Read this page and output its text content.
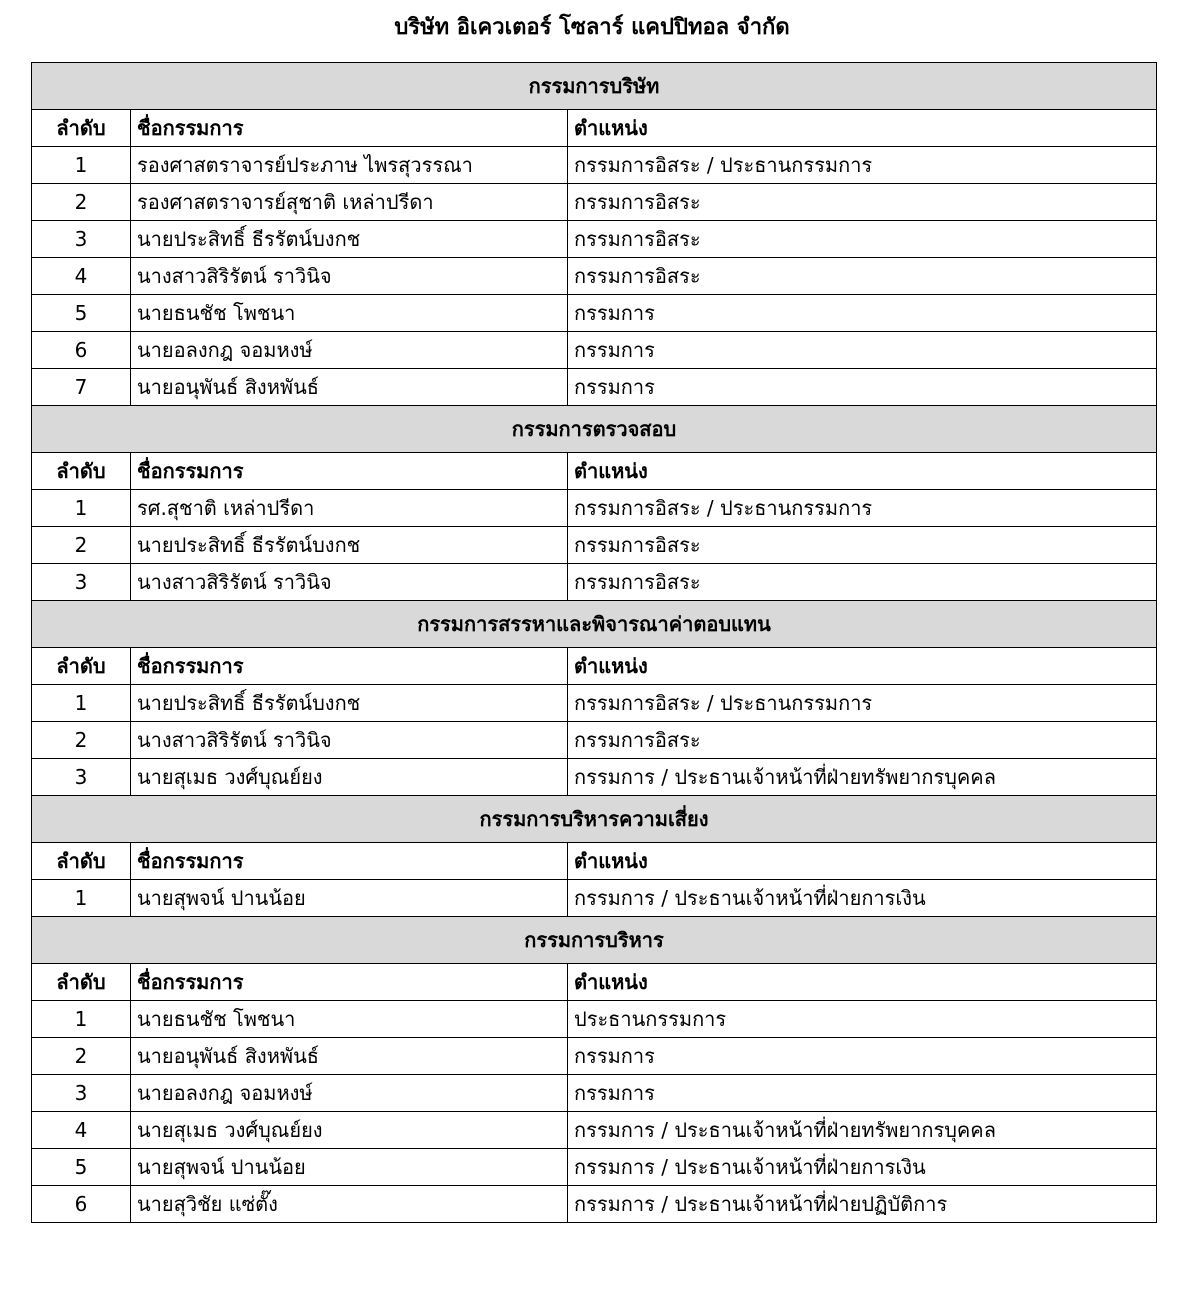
บริษัท อิเควเตอร์ โซลาร์ แคปปิทอล จำกัด
กรรมการบริษัท		
ลำดับ	ชื่อกรรมการ	ตำแหน่ง
1	รองศาสตราจารย์ประภาษ ไพรสุวรรณา	กรรมการอิสระ / ประธานกรรมการ
2	รองศาสตราจารย์สุชาติ เหล่าปรีดา	กรรมการอิสระ
3	นายประสิทธิ์ ธีรรัตน์บงกช	กรรมการอิสระ
4	นางสาวสิริรัตน์ ราวินิจ	กรรมการอิสระ
5	นายธนชัช โพชนา	กรรมการ
6	นายอลงกฎ จอมหงษ์	กรรมการ
7	นายอนุพันธ์ สิงหพันธ์	กรรมการ
กรรมการตรวจสอบ		
ลำดับ	ชื่อกรรมการ	ตำแหน่ง
1	รศ.สุชาติ เหล่าปรีดา	กรรมการอิสระ / ประธานกรรมการ
2	นายประสิทธิ์ ธีรรัตน์บงกช	กรรมการอิสระ
3	นางสาวสิริรัตน์ ราวินิจ	กรรมการอิสระ
กรรมการสรรหาและพิจารณาค่าตอบแทน		
ลำดับ	ชื่อกรรมการ	ตำแหน่ง
1	นายประสิทธิ์ ธีรรัตน์บงกช	กรรมการอิสระ / ประธานกรรมการ
2	นางสาวสิริรัตน์ ราวินิจ	กรรมการอิสระ
3	นายสุเมธ วงศ์บุณย์ยง	กรรมการ / ประธานเจ้าหน้าที่ฝ่ายทรัพยากรบุคคล
กรรมการบริหารความเสี่ยง		
ลำดับ	ชื่อกรรมการ	ตำแหน่ง
1	นายสุพจน์ ปานน้อย	กรรมการ / ประธานเจ้าหน้าที่ฝ่ายการเงิน
กรรมการบริหาร		
ลำดับ	ชื่อกรรมการ	ตำแหน่ง
1	นายธนชัช โพชนา	ประธานกรรมการ
2	นายอนุพันธ์ สิงหพันธ์	กรรมการ
3	นายอลงกฎ จอมหงษ์	กรรมการ
4	นายสุเมธ วงศ์บุณย์ยง	กรรมการ / ประธานเจ้าหน้าที่ฝ่ายทรัพยากรบุคคล
5	นายสุพจน์ ปานน้อย	กรรมการ / ประธานเจ้าหน้าที่ฝ่ายการเงิน
6	นายสุวิชัย แซ่ตั๊ง	กรรมการ / ประธานเจ้าหน้าที่ฝ่ายปฏิบัติการ
